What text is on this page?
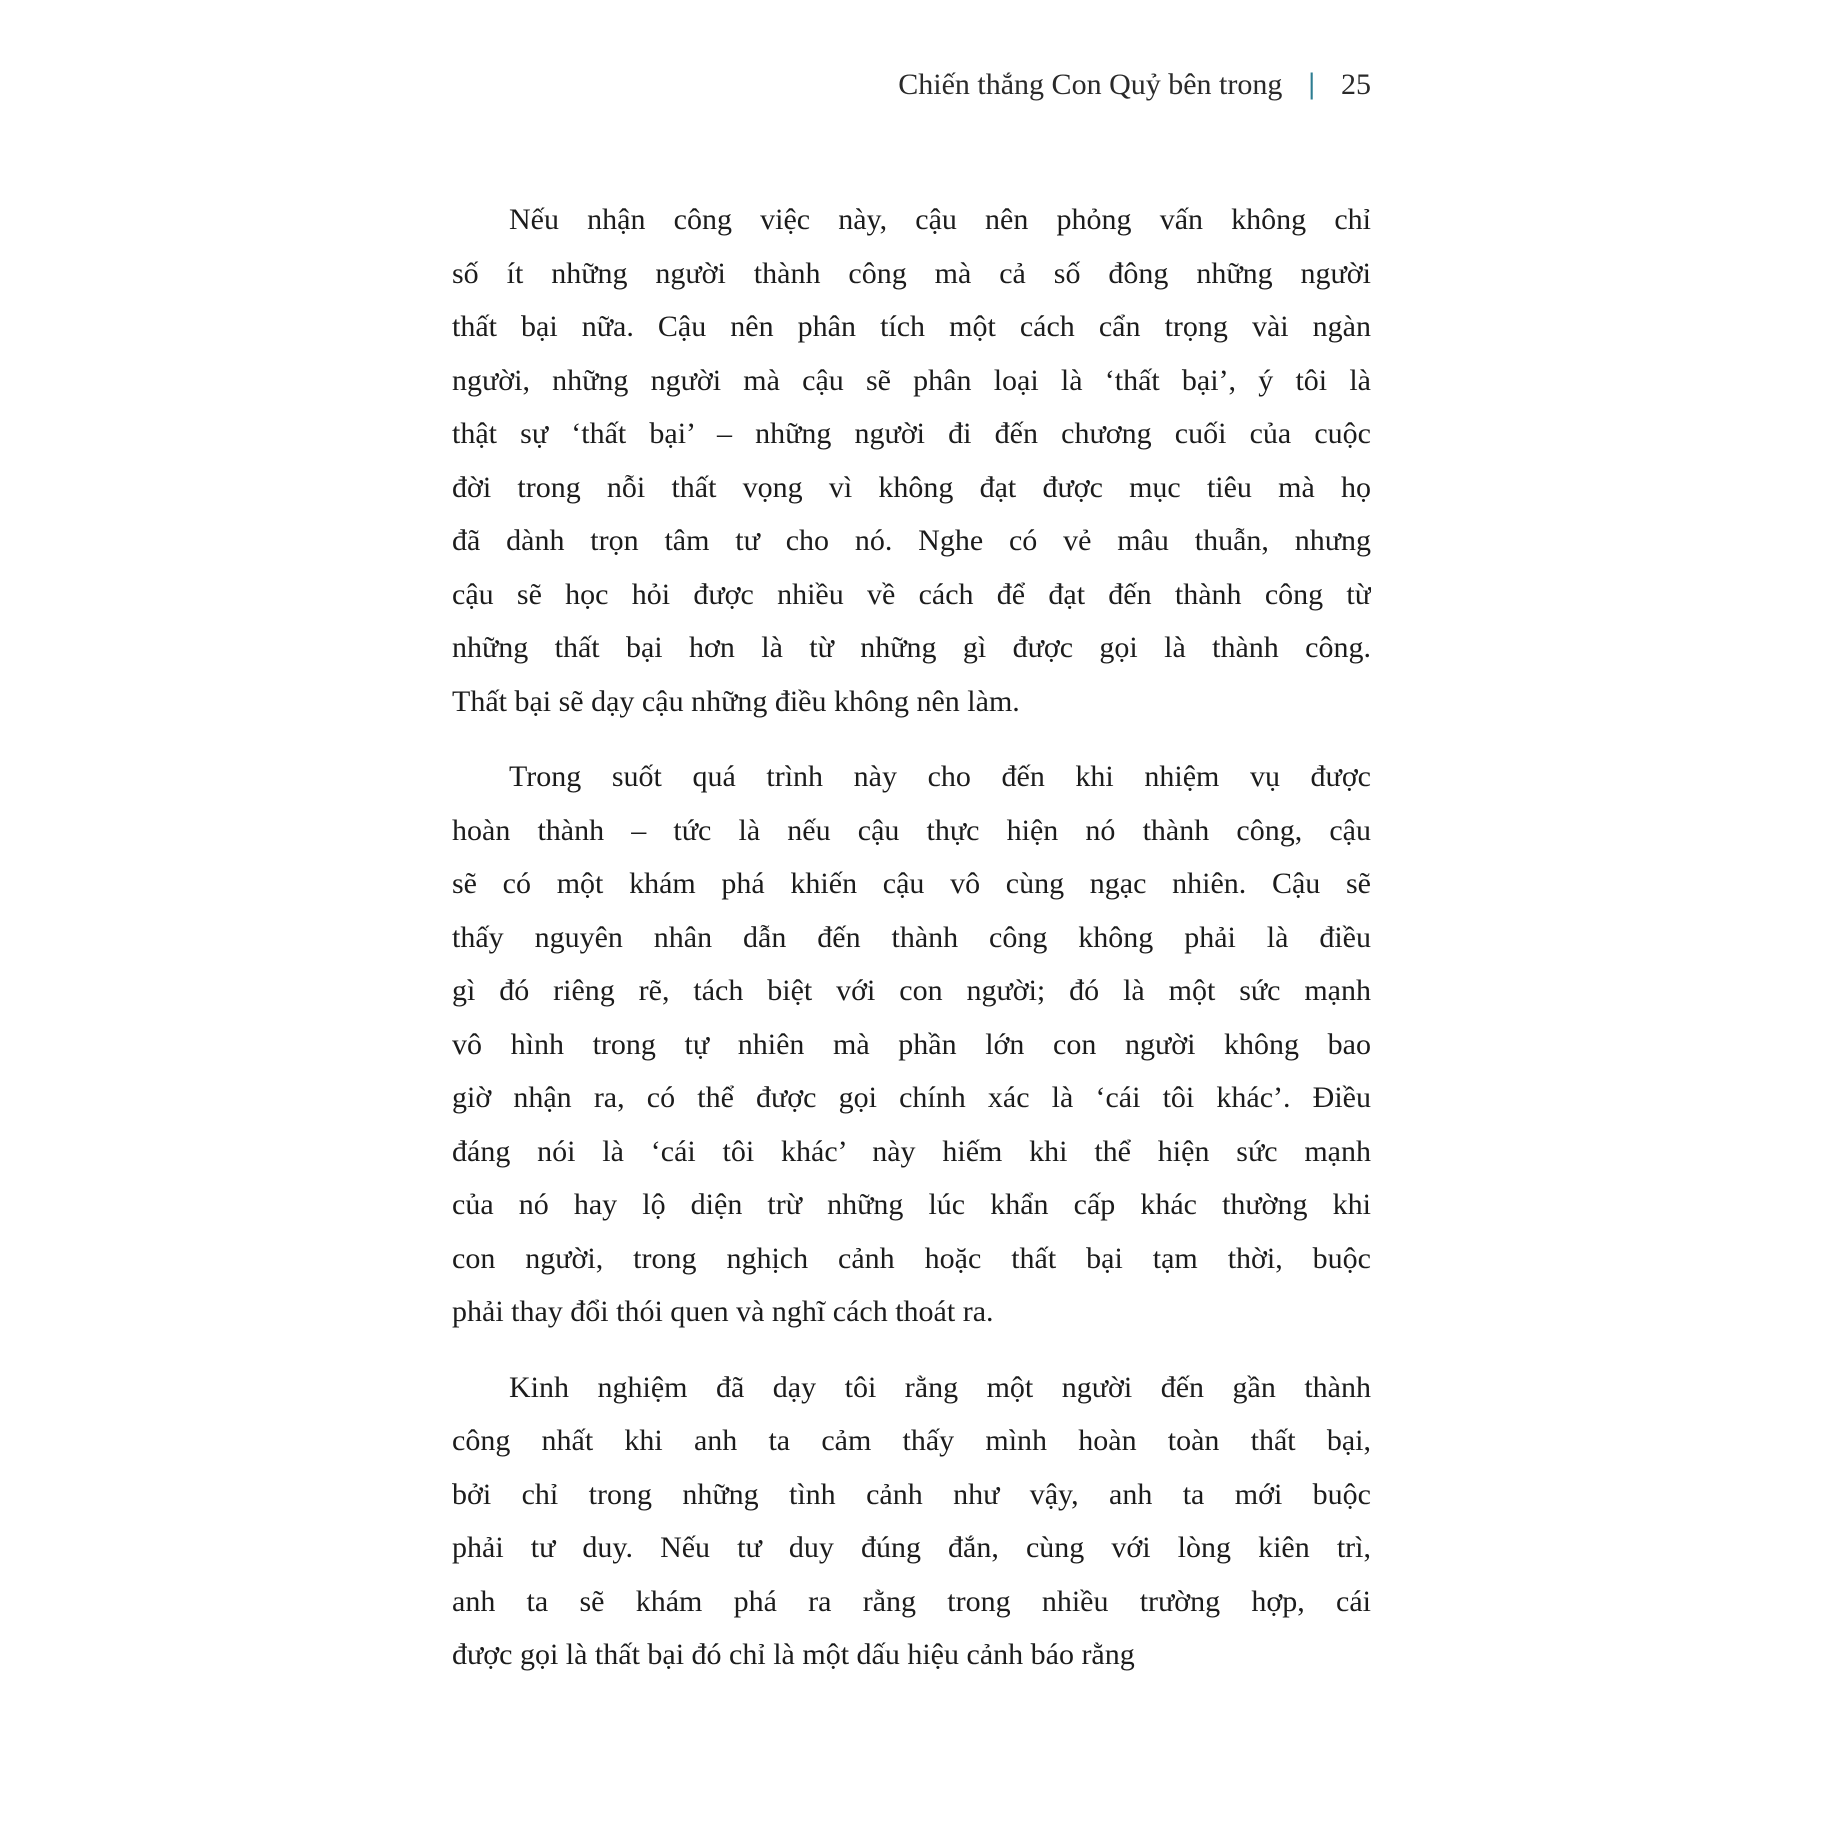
Chiến thắng Con Quỷ bên trong | 25
Nếu nhận công việc này, cậu nên phỏng vấn không chỉ
số ít những người thành công mà cả số đông những người
thất bại nữa. Cậu nên phân tích một cách cẩn trọng vài ngàn
người, những người mà cậu sẽ phân loại là ‘thất bại’, ý tôi là
thật sự ‘thất bại’ – những người đi đến chương cuối của cuộc
đời trong nỗi thất vọng vì không đạt được mục tiêu mà họ
đã dành trọn tâm tư cho nó. Nghe có vẻ mâu thuẫn, nhưng
cậu sẽ học hỏi được nhiều về cách để đạt đến thành công từ
những thất bại hơn là từ những gì được gọi là thành công.
Thất bại sẽ dạy cậu những điều không nên làm.
Trong suốt quá trình này cho đến khi nhiệm vụ được
hoàn thành – tức là nếu cậu thực hiện nó thành công, cậu
sẽ có một khám phá khiến cậu vô cùng ngạc nhiên. Cậu sẽ
thấy nguyên nhân dẫn đến thành công không phải là điều
gì đó riêng rẽ, tách biệt với con người; đó là một sức mạnh
vô hình trong tự nhiên mà phần lớn con người không bao
giờ nhận ra, có thể được gọi chính xác là ‘cái tôi khác’. Điều
đáng nói là ‘cái tôi khác’ này hiếm khi thể hiện sức mạnh
của nó hay lộ diện trừ những lúc khẩn cấp khác thường khi
con người, trong nghịch cảnh hoặc thất bại tạm thời, buộc
phải thay đổi thói quen và nghĩ cách thoát ra.
Kinh nghiệm đã dạy tôi rằng một người đến gần thành
công nhất khi anh ta cảm thấy mình hoàn toàn thất bại,
bởi chỉ trong những tình cảnh như vậy, anh ta mới buộc
phải tư duy. Nếu tư duy đúng đắn, cùng với lòng kiên trì,
anh ta sẽ khám phá ra rằng trong nhiều trường hợp, cái
được gọi là thất bại đó chỉ là một dấu hiệu cảnh báo rằng
